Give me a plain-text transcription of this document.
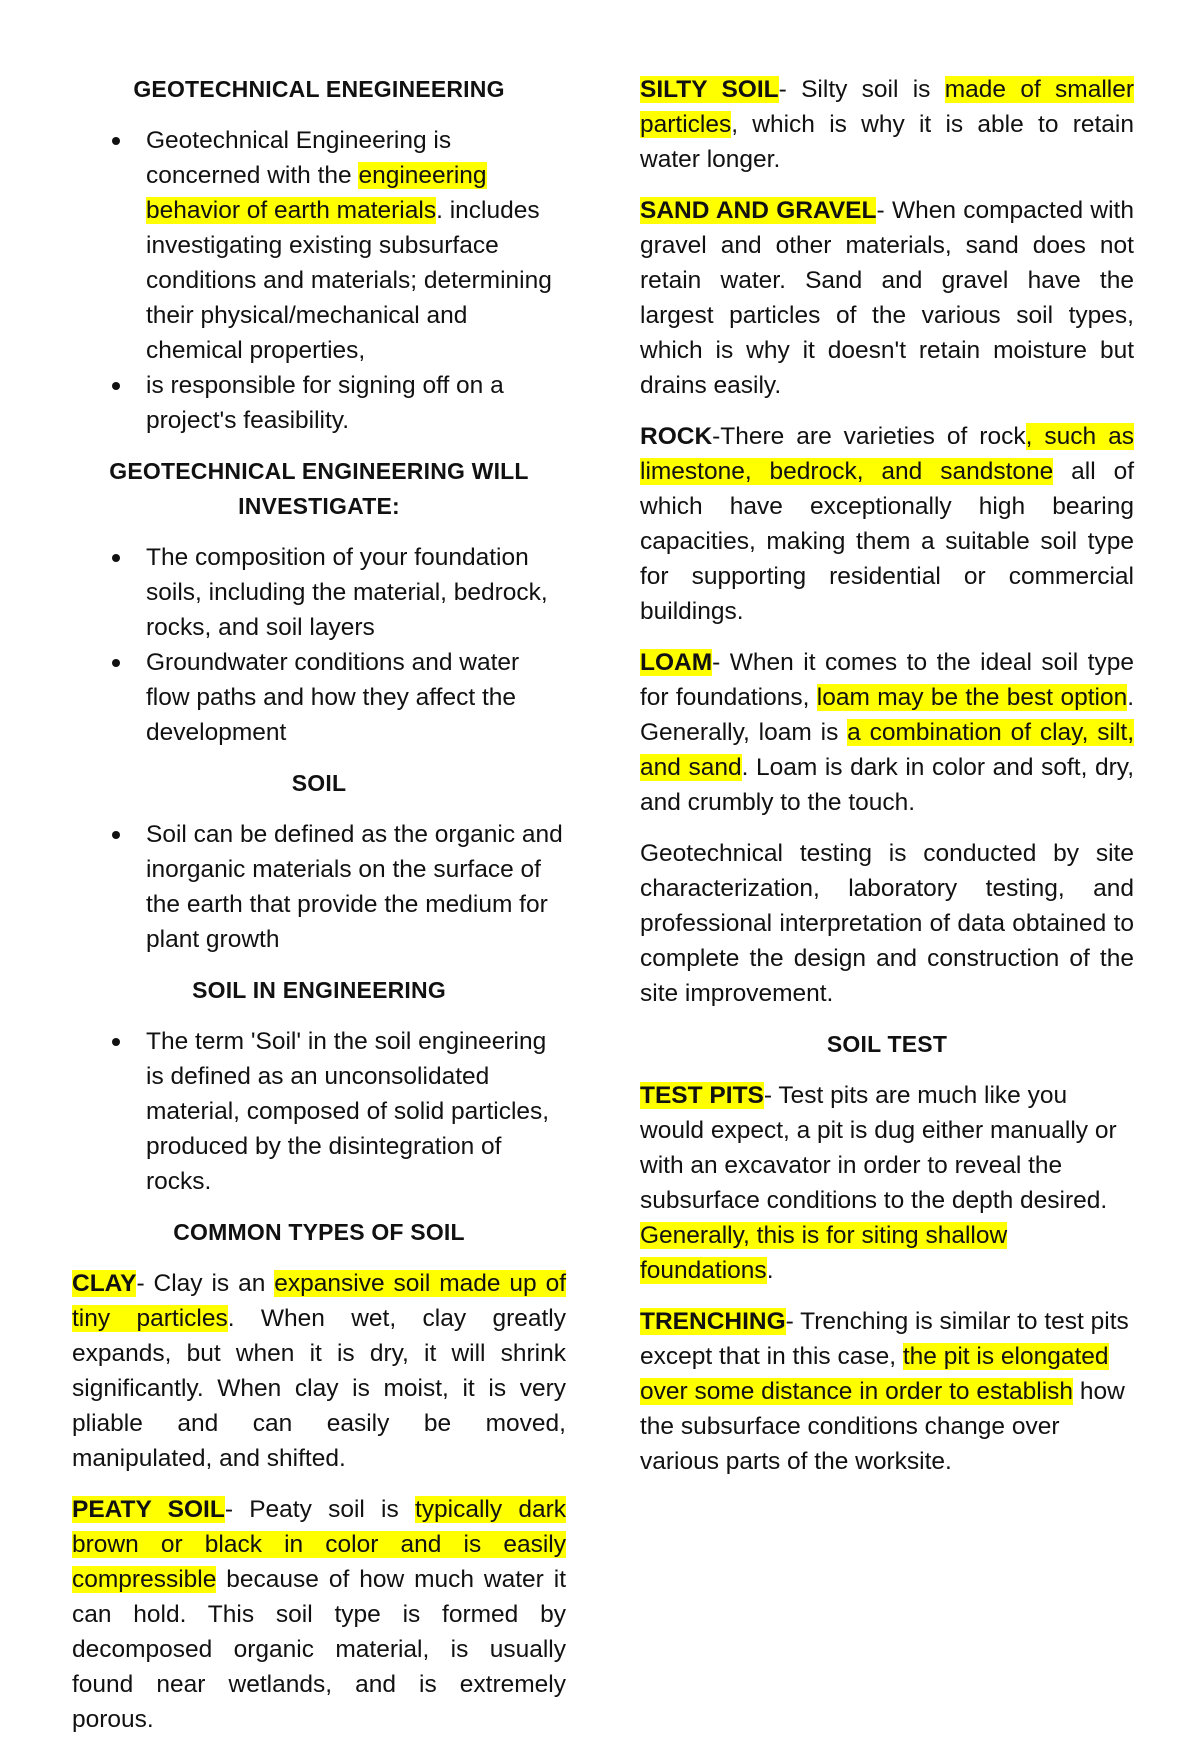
GEOTECHNICAL ENEGINEERING
Geotechnical Engineering is concerned with the engineering behavior of earth materials. includes investigating existing subsurface conditions and materials; determining their physical/mechanical and chemical properties,
is responsible for signing off on a project's feasibility.
GEOTECHNICAL ENGINEERING WILL INVESTIGATE:
The composition of your foundation soils, including the material, bedrock, rocks, and soil layers
Groundwater conditions and water flow paths and how they affect the development
SOIL
Soil can be defined as the organic and inorganic materials on the surface of the earth that provide the medium for plant growth
SOIL IN ENGINEERING
The term 'Soil' in the soil engineering is defined as an unconsolidated material, composed of solid particles, produced by the disintegration of rocks.
COMMON TYPES OF SOIL

CLAY- Clay is an expansive soil made up of tiny particles. When wet, clay greatly expands, but when it is dry, it will shrink significantly. When clay is moist, it is very pliable and can easily be moved, manipulated, and shifted.

PEATY SOIL- Peaty soil is typically dark brown or black in color and is easily compressible because of how much water it can hold. This soil type is formed by decomposed organic material, is usually found near wetlands, and is extremely porous.

SILTY SOIL- Silty soil is made of smaller particles, which is why it is able to retain water longer.

SAND AND GRAVEL- When compacted with gravel and other materials, sand does not retain water. Sand and gravel have the largest particles of the various soil types, which is why it doesn't retain moisture but drains easily.

ROCK-There are varieties of rock, such as limestone, bedrock, and sandstone all of which have exceptionally high bearing capacities, making them a suitable soil type for supporting residential or commercial buildings.

LOAM- When it comes to the ideal soil type for foundations, loam may be the best option. Generally, loam is a combination of clay, silt, and sand. Loam is dark in color and soft, dry, and crumbly to the touch.

Geotechnical testing is conducted by site characterization, laboratory testing, and professional interpretation of data obtained to complete the design and construction of the site improvement.

SOIL TEST

TEST PITS- Test pits are much like you would expect, a pit is dug either manually or with an excavator in order to reveal the subsurface conditions to the depth desired. Generally, this is for siting shallow foundations.

TRENCHING- Trenching is similar to test pits except that in this case, the pit is elongated over some distance in order to establish how the subsurface conditions change over various parts of the worksite.
